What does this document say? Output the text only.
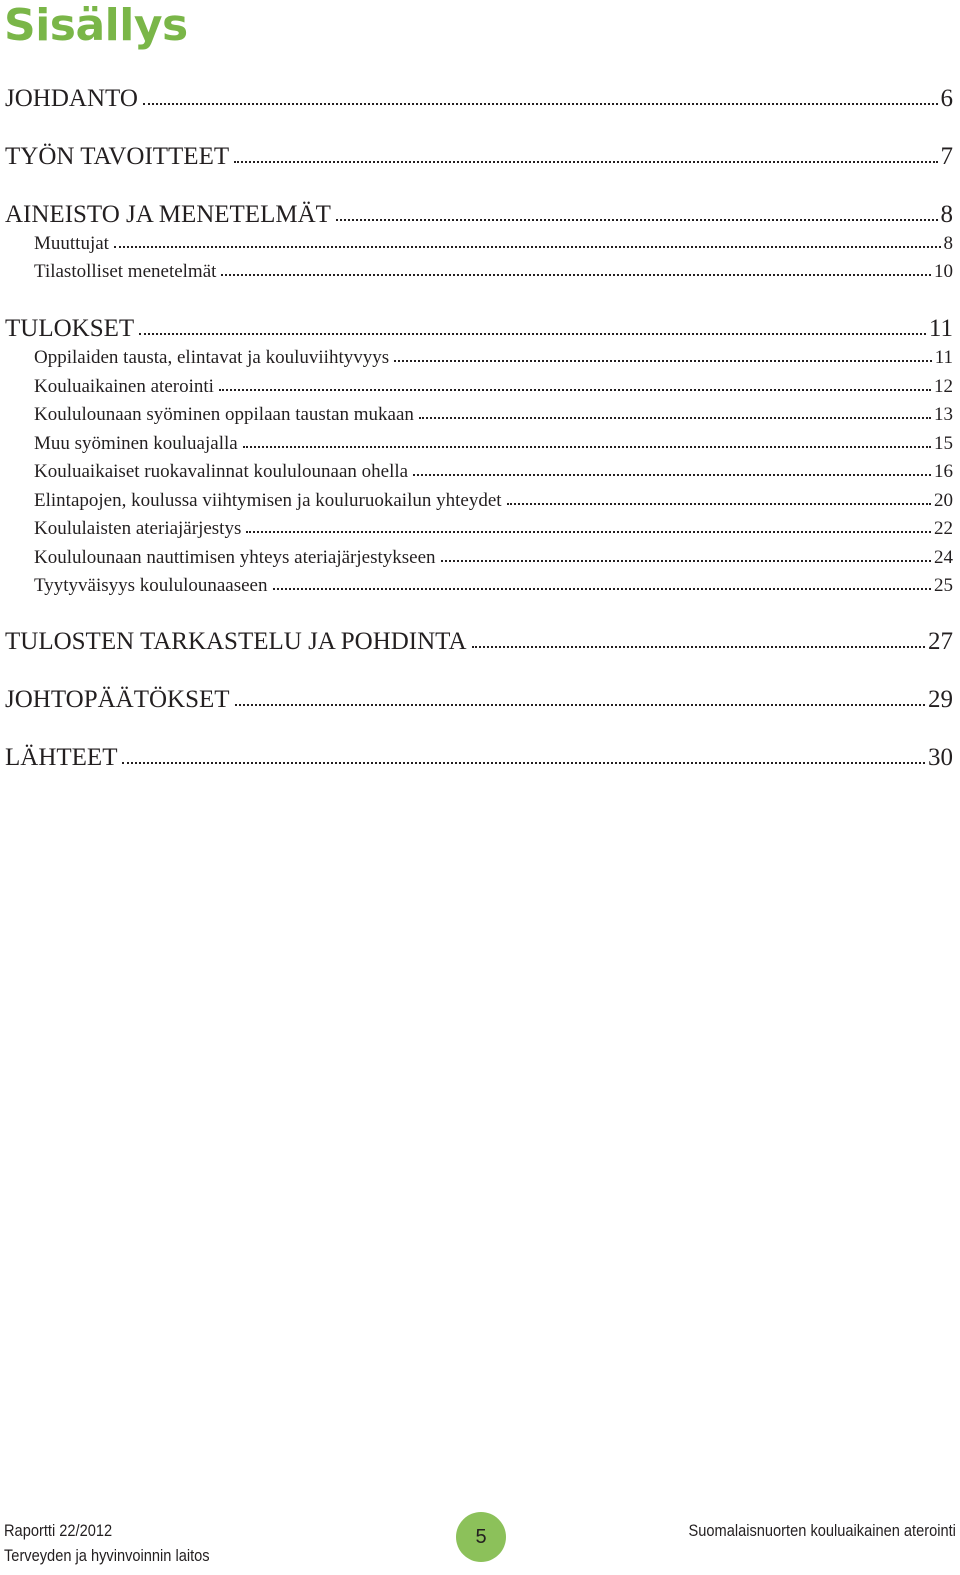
Sisällys
JOHDANTO	6
TYÖN TAVOITTEET	7
AINEISTO JA MENETELMÄT	8
Muuttujat	8
Tilastolliset menetelmät	10
TULOKSET	11
Oppilaiden tausta, elintavat ja kouluviihtyvyys	11
Kouluaikainen aterointi	12
Koululounaan syöminen oppilaan taustan mukaan	13
Muu syöminen kouluajalla	15
Kouluaikaiset ruokavalinnat koululounaan ohella	16
Elintapojen, koulussa viihtymisen ja kouluruokailun yhteydet	20
Koululaisten ateriajärjestys	22
Koululounaan nauttimisen yhteys ateriajärjestykseen	24
Tyytyväisyys koululounaaseen	25
TULOSTEN TARKASTELU JA POHDINTA	27
JOHTOPÄÄTÖKSET	29
LÄHTEET	30
Raportti 22/2012
Terveyden ja hyvinvoinnin laitos
5	Suomalaisnuorten kouluaikainen aterointi
